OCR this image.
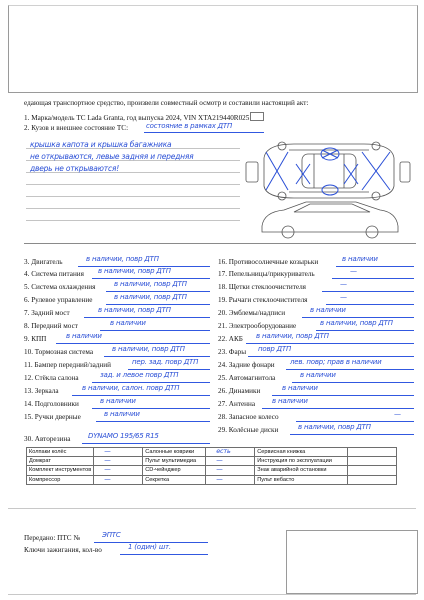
едающая транспортное средство, произвели совместный осмотр и составили настоящий акт:
1. Марка/модель ТС Lada Granta, год выпуска 2024, VIN XTA219440R025
2. Кузов и внешнее состояние ТС:	состояние в рамках ДТП
крышка капота и крышка багажника
не открываются, левые задняя и передняя
дверь не открываются!
3. Двигатель	в наличии, повр ДТП
4. Система питания в наличии, повр ДТП
5. Система охлаждения	в наличии, повр ДТП
6. Рулевое управление	в наличии, повр ДТП
7. Задний мост	в наличии, повр ДТП
8. Передний мост	в наличии
9. КПП	в наличии
10. Тормозная система	в наличии, повр ДТП
11. Бампер передний/задний	пер. зад. повр ДТП
12. Стёкла салона	зад. и левое повр ДТП
13. Зеркала	в наличии, салон. повр ДТП
14. Подголовники	в наличии
15. Ручки дверные	в наличии
16. Противосолнечные козырьки	в наличии
17. Пепельницы/прикуриватель	—
18. Щетки стеклоочистителя	—
19. Рычаги стеклоочистителя	—
20. Эмблемы/надписи	в наличии
21. Электрооборудование	в наличии, повр ДТП
22. АКБ в наличии, повр ДТП
23. Фары повр ДТП
24. Задние фонари лев. повр; прав в наличии
25. Автомагнитола	в наличии
26. Динамики	в наличии
27. Антенна в наличии
28. Запасное колесо	—
29. Колёсные диски	в наличии, повр ДТП
30. Авторезина	DYNAMO 195/65 R15
Колпаки колёс	—	Салонные коврики	есть	Сервисная книжка	

Домкрат	—	Пульт мультимедиа	—	Инструкция по эксплуатации	

Комплект инструментов	—	CD-чейнджер	—	Знак аварийной остановки	

Компрессор	—	Секретка	—	Пульт вебасто	
Передано: ПТС №	ЭПТС
Ключи зажигания, кол-во	1 (один) шт.
